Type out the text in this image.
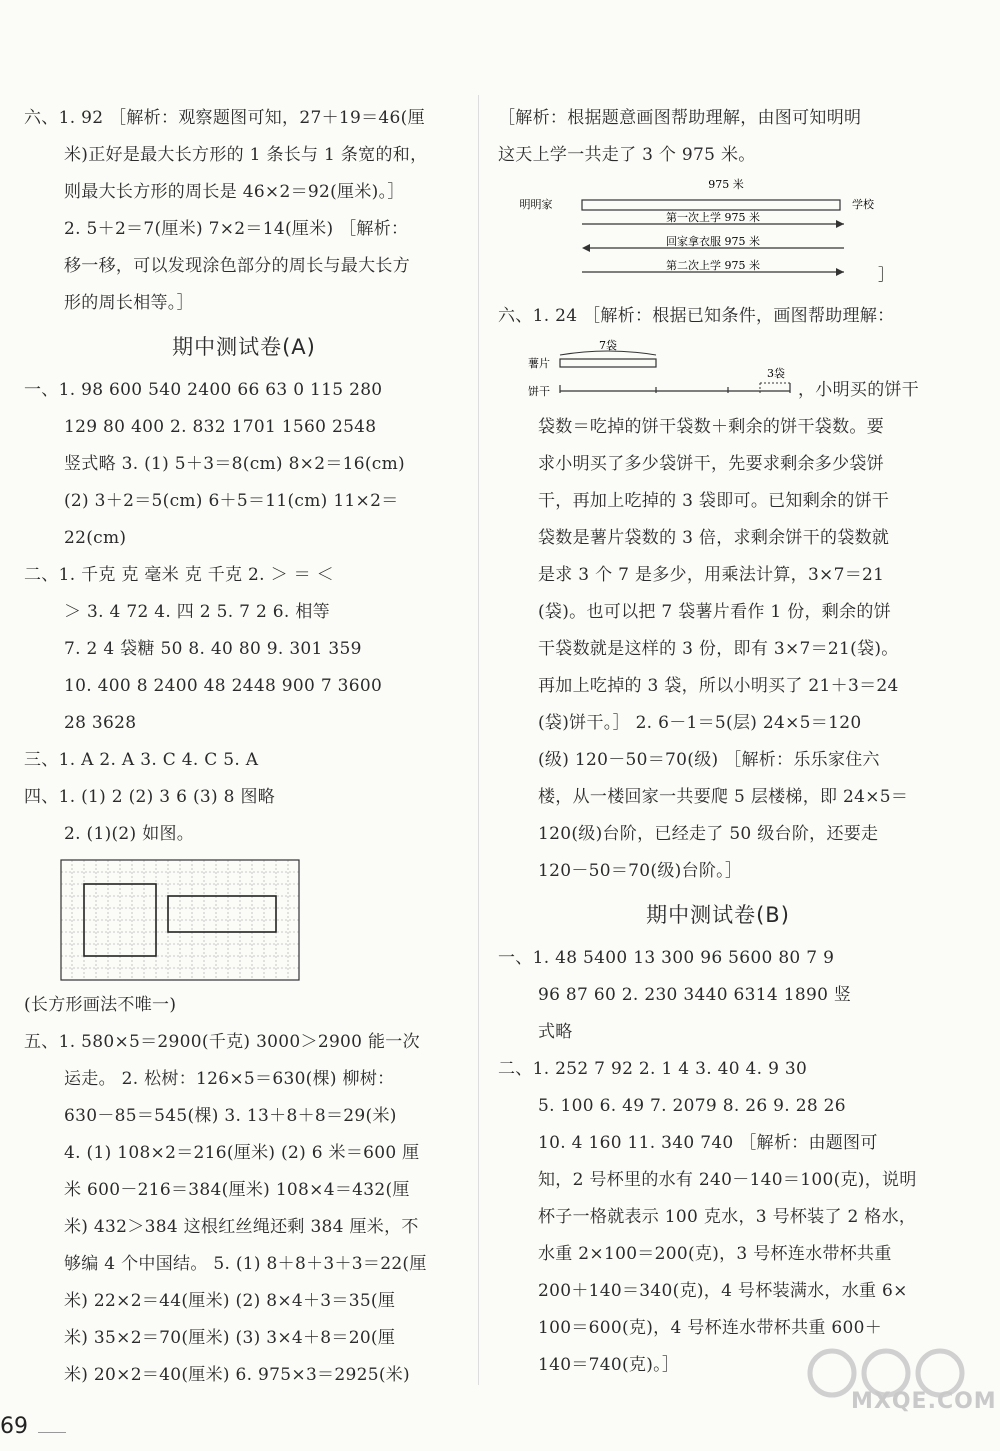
六、1. 92 ［解析：观察题图可知，27＋19＝46(厘
米)正好是最大长方形的 1 条长与 1 条宽的和，
则最大长方形的周长是 46×2＝92(厘米)。］
2. 5＋2＝7(厘米) 7×2＝14(厘米) ［解析：
移一移，可以发现涂色部分的周长与最大长方
形的周长相等。］
期中测试卷(A)
一、1. 98 600 540 2400 66 63 0 115 280
129 80 400 2. 832 1701 1560 2548
竖式略 3. (1) 5＋3＝8(cm) 8×2＝16(cm)
(2) 3＋2＝5(cm) 6＋5＝11(cm) 11×2＝
22(cm)
二、1. 千克 克 毫米 克 千克 2. ＞ ＝ ＜
＞ 3. 4 72 4. 四 2 5. 7 2 6. 相等
7. 2 4 袋糖 50 8. 40 80 9. 301 359
10. 400 8 2400 48 2448 900 7 3600
28 3628
三、1. A 2. A 3. C 4. C 5. A
四、1. (1) 2 (2) 3 6 (3) 8 图略
2. (1)(2) 如图。
(长方形画法不唯一)
五、1. 580×5＝2900(千克) 3000＞2900 能一次
运走。 2. 松树：126×5＝630(棵) 柳树：
630－85＝545(棵) 3. 13＋8＋8＝29(米)
4. (1) 108×2＝216(厘米) (2) 6 米＝600 厘
米 600－216＝384(厘米) 108×4＝432(厘
米) 432＞384 这根红丝绳还剩 384 厘米，不
够编 4 个中国结。 5. (1) 8＋8＋3＋3＝22(厘
米) 22×2＝44(厘米) (2) 8×4＋3＝35(厘
米) 35×2＝70(厘米) (3) 3×4＋8＝20(厘
米) 20×2＝40(厘米) 6. 975×3＝2925(米)
［解析：根据题意画图帮助理解，由图可知明明
这天上学一共走了 3 个 975 米。
975 米
明明家	学校
第一次上学 975 米
回家拿衣服 975 米
第二次上学 975 米	］
六、1. 24 ［解析：根据已知条件，画图帮助理解：
7袋
薯片
3袋
饼干	，小明买的饼干
袋数＝吃掉的饼干袋数＋剩余的饼干袋数。要
求小明买了多少袋饼干，先要求剩余多少袋饼
干，再加上吃掉的 3 袋即可。已知剩余的饼干
袋数是薯片袋数的 3 倍，求剩余饼干的袋数就
是求 3 个 7 是多少，用乘法计算，3×7＝21
(袋)。也可以把 7 袋薯片看作 1 份，剩余的饼
干袋数就是这样的 3 份，即有 3×7＝21(袋)。
再加上吃掉的 3 袋，所以小明买了 21＋3＝24
(袋)饼干。］ 2. 6－1＝5(层) 24×5＝120
(级) 120－50＝70(级) ［解析：乐乐家住六
楼，从一楼回家一共要爬 5 层楼梯，即 24×5＝
120(级)台阶，已经走了 50 级台阶，还要走
120－50＝70(级)台阶。］
期中测试卷(B)
一、1. 48 5400 13 300 96 5600 80 7 9
96 87 60 2. 230 3440 6314 1890 竖
式略
二、1. 252 7 92 2. 1 4 3. 40 4. 9 30
5. 100 6. 49 7. 2079 8. 26 9. 28 26
10. 4 160 11. 340 740 ［解析：由题图可
知，2 号杯里的水有 240－140＝100(克)，说明
杯子一格就表示 100 克水，3 号杯装了 2 格水，
水重 2×100＝200(克)，3 号杯连水带杯共重
200＋140＝340(克)，4 号杯装满水，水重 6×
100＝600(克)，4 号杯连水带杯共重 600＋
140＝740(克)。］
69
MXQE.COM
